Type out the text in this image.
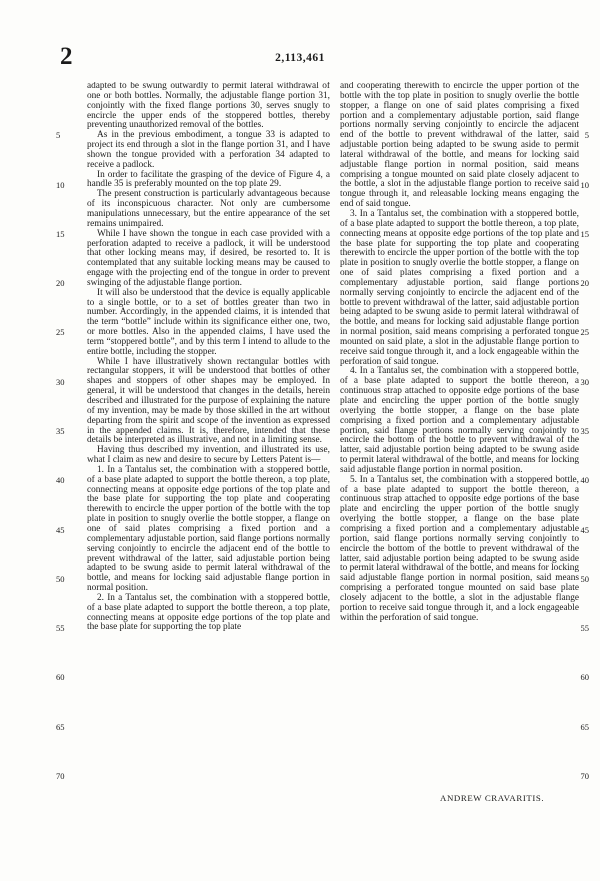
2	2,113,461
5
10
15
20
25
30
35
40
45
50
55
60
65
70
5
10
15
20
25
30
35
40
45
50
55
60
65
70

adapted to be swung outwardly to permit lateral withdrawal of one or both bottles. Normally, the adjustable flange portion 31, conjointly with the fixed flange portions 30, serves snugly to encircle the upper ends of the stoppered bottles, thereby preventing unauthorized removal of the bottles.

As in the previous embodiment, a tongue 33 is adapted to project its end through a slot in the flange portion 31, and I have shown the tongue provided with a perforation 34 adapted to receive a padlock.

In order to facilitate the grasping of the device of Figure 4, a handle 35 is preferably mounted on the top plate 29.

The present construction is particularly advantageous because of its inconspicuous character. Not only are cumbersome manipulations unnecessary, but the entire appearance of the set remains unimpaired.

While I have shown the tongue in each case provided with a perforation adapted to receive a padlock, it will be understood that other locking means may, if desired, be resorted to. It is contemplated that any suitable locking means may be caused to engage with the projecting end of the tongue in order to prevent swinging of the adjustable flange portion.

It will also be understood that the device is equally applicable to a single bottle, or to a set of bottles greater than two in number. Accordingly, in the appended claims, it is intended that the term “bottle” include within its significance either one, two, or more bottles. Also in the appended claims, I have used the term “stoppered bottle”, and by this term I intend to allude to the entire bottle, including the stopper.

While I have illustratively shown rectangular bottles with rectangular stoppers, it will be understood that bottles of other shapes and stoppers of other shapes may be employed. In general, it will be understood that changes in the details, herein described and illustrated for the purpose of explaining the nature of my invention, may be made by those skilled in the art without departing from the spirit and scope of the invention as expressed in the appended claims. It is, therefore, intended that these details be interpreted as illustrative, and not in a limiting sense.

Having thus described my invention, and illustrated its use, what I claim as new and desire to secure by Letters Patent is—

1. In a Tantalus set, the combination with a stoppered bottle, of a base plate adapted to support the bottle thereon, a top plate, connecting means at opposite edge portions of the top plate and the base plate for supporting the top plate and cooperating therewith to encircle the upper portion of the bottle with the top plate in position to snugly overlie the bottle stopper, a flange on one of said plates comprising a fixed portion and a complementary adjustable portion, said flange portions normally serving conjointly to encircle the adjacent end of the bottle to prevent withdrawal of the latter, said adjustable portion being adapted to be swung aside to permit lateral withdrawal of the bottle, and means for locking said adjustable flange portion in normal position.

2. In a Tantalus set, the combination with a stoppered bottle, of a base plate adapted to support the bottle thereon, a top plate, connecting means at opposite edge portions of the top plate and the base plate for supporting the top plate

and cooperating therewith to encircle the upper portion of the bottle with the top plate in position to snugly overlie the bottle stopper, a flange on one of said plates comprising a fixed portion and a complementary adjustable portion, said flange portions normally serving conjointly to encircle the adjacent end of the bottle to prevent withdrawal of the latter, said adjustable portion being adapted to be swung aside to permit lateral withdrawal of the bottle, and means for locking said adjustable flange portion in normal position, said means comprising a tongue mounted on said plate closely adjacent to the bottle, a slot in the adjustable flange portion to receive said tongue through it, and releasable locking means engaging the end of said tongue.

3. In a Tantalus set, the combination with a stoppered bottle, of a base plate adapted to support the bottle thereon, a top plate, connecting means at opposite edge portions of the top plate and the base plate for supporting the top plate and cooperating therewith to encircle the upper portion of the bottle with the top plate in position to snugly overlie the bottle stopper, a flange on one of said plates comprising a fixed portion and a complementary adjustable portion, said flange portions normally serving conjointly to encircle the adjacent end of the bottle to prevent withdrawal of the latter, said adjustable portion being adapted to be swung aside to permit lateral withdrawal of the bottle, and means for locking said adjustable flange portion in normal position, said means comprising a perforated tongue mounted on said plate, a slot in the adjustable flange portion to receive said tongue through it, and a lock engageable within the perforation of said tongue.

4. In a Tantalus set, the combination with a stoppered bottle, of a base plate adapted to support the bottle thereon, a continuous strap attached to opposite edge portions of the base plate and encircling the upper portion of the bottle snugly overlying the bottle stopper, a flange on the base plate comprising a fixed portion and a complementary adjustable portion, said flange portions normally serving conjointly to encircle the bottom of the bottle to prevent withdrawal of the latter, said adjustable portion being adapted to be swung aside to permit lateral withdrawal of the bottle, and means for locking said adjustable flange portion in normal position.

5. In a Tantalus set, the combination with a stoppered bottle, of a base plate adapted to support the bottle thereon, a continuous strap attached to opposite edge portions of the base plate and encircling the upper portion of the bottle snugly overlying the bottle stopper, a flange on the base plate comprising a fixed portion and a complementary adjustable portion, said flange portions normally serving conjointly to encircle the bottom of the bottle to prevent withdrawal of the latter, said adjustable portion being adapted to be swung aside to permit lateral withdrawal of the bottle, and means for locking said adjustable flange portion in normal position, said means comprising a perforated tongue mounted on said base plate closely adjacent to the bottle, a slot in the adjustable flange portion to receive said tongue through it, and a lock engageable within the perforation of said tongue.

ANDREW CRAVARITIS.
